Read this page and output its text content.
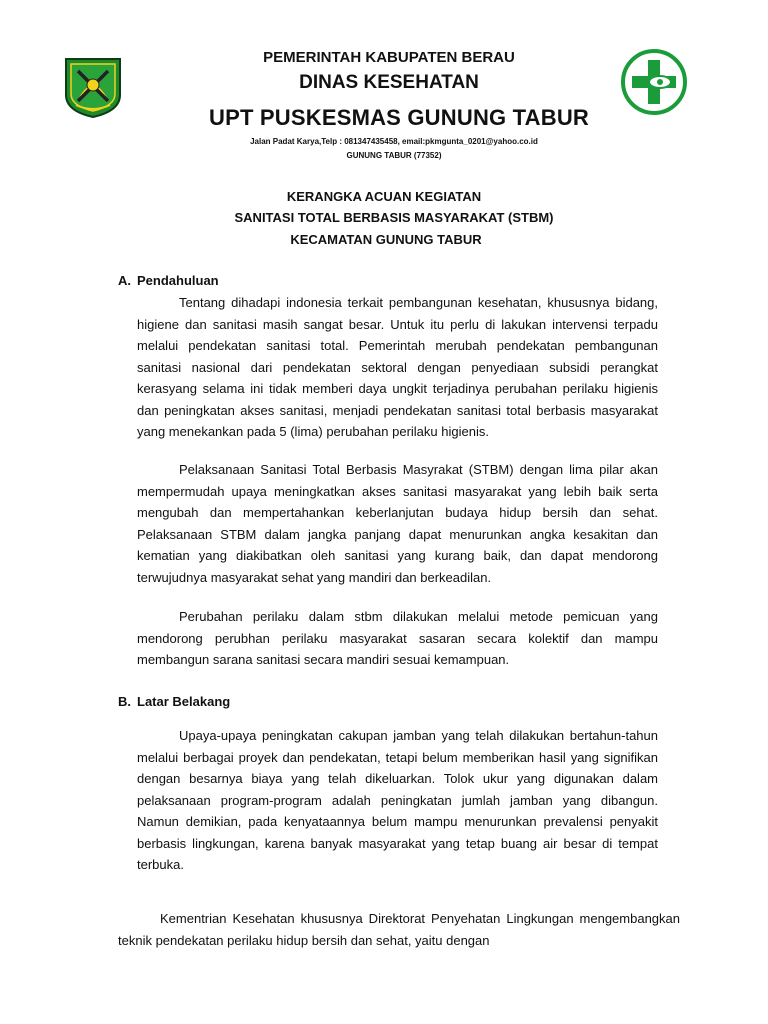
PEMERINTAH KABUPATEN BERAU
DINAS KESEHATAN
UPT PUSKESMAS GUNUNG TABUR
Jalan Padat Karya,Telp : 081347435458, email:pkmgunta_0201@yahoo.co.id
GUNUNG TABUR (77352)
KERANGKA ACUAN KEGIATAN
SANITASI TOTAL BERBASIS MASYARAKAT (STBM)
KECAMATAN GUNUNG TABUR
A. Pendahuluan

Tentang dihadapi indonesia terkait pembangunan kesehatan, khususnya bidang, higiene dan sanitasi masih sangat besar. Untuk itu perlu di lakukan intervensi terpadu melalui pendekatan sanitasi total. Pemerintah merubah pendekatan pembangunan sanitasi nasional dari pendekatan sektoral dengan penyediaan subsidi perangkat kerasyang selama ini tidak memberi daya ungkit terjadinya perubahan perilaku higienis dan peningkatan akses sanitasi, menjadi pendekatan sanitasi total berbasis masyarakat yang menekankan pada 5 (lima) perubahan perilaku higienis.

Pelaksanaan Sanitasi Total Berbasis Masyrakat (STBM) dengan lima pilar akan mempermudah upaya meningkatkan akses sanitasi masyarakat yang lebih baik serta mengubah dan mempertahankan keberlanjutan budaya hidup bersih dan sehat. Pelaksanaan STBM dalam jangka panjang dapat menurunkan angka kesakitan dan kematian yang diakibatkan oleh sanitasi yang kurang baik, dan dapat mendorong terwujudnya masyarakat sehat yang mandiri dan berkeadilan.

Perubahan perilaku dalam stbm dilakukan melalui metode pemicuan yang mendorong perubhan perilaku masyarakat sasaran secara kolektif dan mampu membangun sarana sanitasi secara mandiri sesuai kemampuan.

B. Latar Belakang

Upaya-upaya peningkatan cakupan jamban yang telah dilakukan bertahun-tahun melalui berbagai proyek dan pendekatan, tetapi belum memberikan hasil yang signifikan dengan besarnya biaya yang telah dikeluarkan. Tolok ukur yang digunakan dalam pelaksanaan program-program adalah peningkatan jumlah jamban yang dibangun. Namun demikian, pada kenyataannya belum mampu menurunkan prevalensi penyakit berbasis lingkungan, karena banyak masyarakat yang tetap buang air besar di tempat terbuka.

Kementrian Kesehatan khususnya Direktorat Penyehatan Lingkungan mengembangkan teknik pendekatan perilaku hidup bersih dan sehat, yaitu dengan
